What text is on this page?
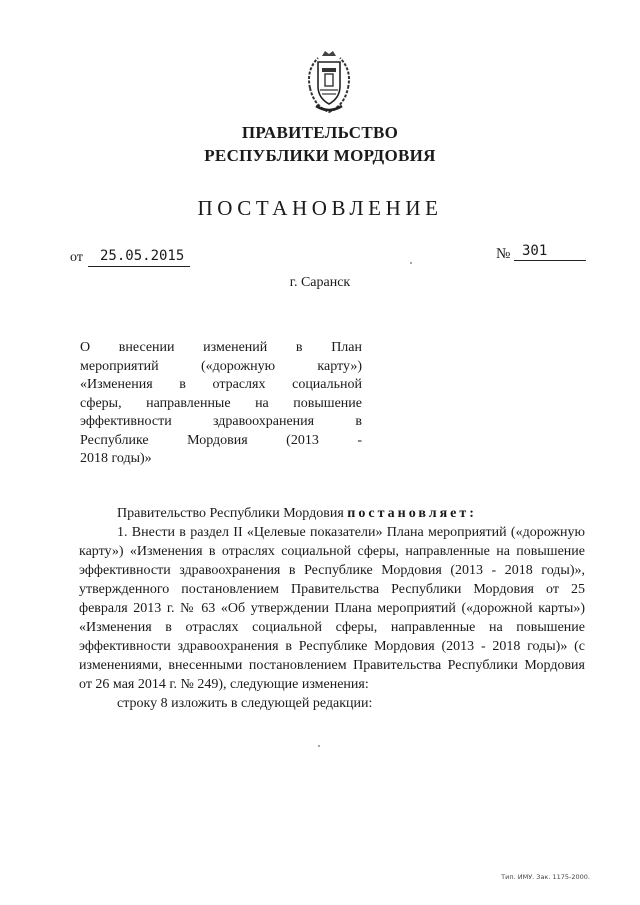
ПРАВИТЕЛЬСТВО
РЕСПУБЛИКИ МОРДОВИЯ
ПОСТАНОВЛЕНИЕ
от 25.05.2015	№ 301
г. Саранск
О внесении изменений в План
мероприятий («дорожную карту»)
«Изменения в отраслях социальной
сферы, направленные на повышение
эффективности здравоохранения в
Республике Мордовия (2013 -
2018 годы)»

Правительство Республики Мордовия постановляет:

1. Внести в раздел II «Целевые показатели» Плана мероприятий («дорожную карту») «Изменения в отраслях социальной сферы, направленные на повышение эффективности здравоохранения в Республике Мордовия (2013 - 2018 годы)», утвержденного постановлением Правительства Республики Мордовия от 25 февраля 2013 г. № 63 «Об утверждении Плана мероприятий («дорожной карты») «Изменения в отраслях социальной сферы, направленные на повышение эффективности здравоохранения в Республике Мордовия (2013 - 2018 годы)» (с изменениями, внесенными постановлением Правительства Республики Мордовия от 26 мая 2014 г. № 249), следующие изменения:

строку 8 изложить в следующей редакции:

Тип. ИМУ. Зак. 1175-2000.
